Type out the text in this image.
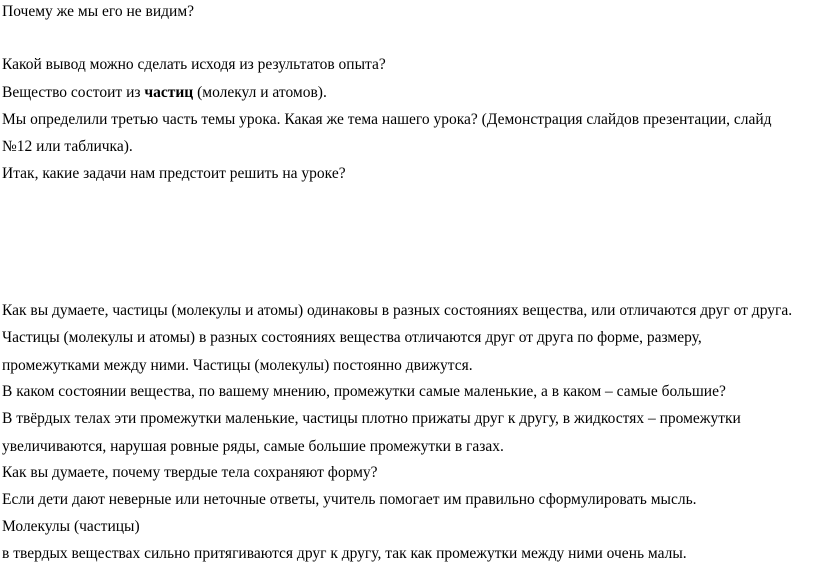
Почему же мы его не видим?
Какой вывод можно сделать исходя из результатов опыта?
Вещество состоит из частиц (молекул и атомов).
Мы определили третью часть темы урока. Какая же тема нашего урока? (Демонстрация слайдов презентации, слайд
№12 или табличка).
Итак, какие задачи нам предстоит решить на уроке?
Как вы думаете, частицы (молекулы и атомы) одинаковы в разных состояниях вещества, или отличаются друг от друга.
Частицы (молекулы и атомы) в разных состояниях вещества отличаются друг от друга по форме, размеру,
промежутками между ними. Частицы (молекулы) постоянно движутся.
В каком состоянии вещества, по вашему мнению, промежутки самые маленькие, а в каком – самые большие?
В твёрдых телах эти промежутки маленькие, частицы плотно прижаты друг к другу, в жидкостях – промежутки
увеличиваются, нарушая ровные ряды, самые большие промежутки в газах.
Как вы думаете, почему твердые тела сохраняют форму?
Если дети дают неверные или неточные ответы, учитель помогает им правильно сформулировать мысль.
Молекулы (частицы)
в твердых веществах сильно притягиваются друг к другу, так как промежутки между ними очень малы.
